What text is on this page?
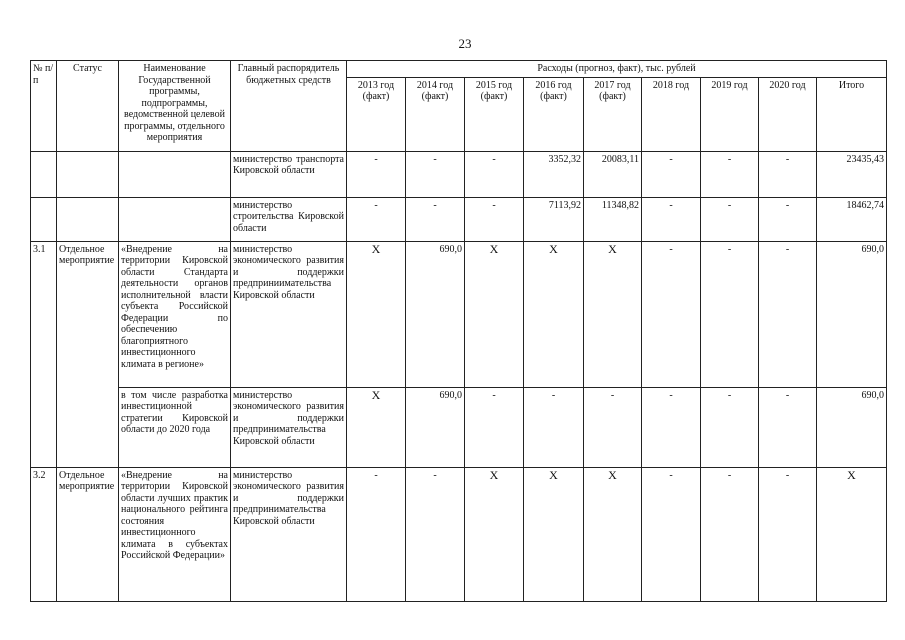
23
№ п/п	Статус	Наименование Государственной программы, подпрограммы, ведомственной целевой программы, отдельного мероприятия	Главный распорядитель бюджетных средств	Расходы (прогноз, факт), тыс. рублей								
				2013 год (факт)	2014 год (факт)	2015 год (факт)	2016 год (факт)	2017 год (факт)	2018 год	2019 год	2020 год	Итого
			министерство транспорта Кировской области	-	-	-	3352,32	20083,11	-	-	-	23435,43
			министерство строительства Кировской области	-	-	-	7113,92	11348,82	-	-	-	18462,74
3.1	Отдельное мероприятие	«Внедрение на территории Кировской области Стандарта деятельности органов исполнительной власти субъекта Российской Федерации по обеспечению благоприятного инвестиционного климата в регионе»	министерство экономического развития и поддержки предприниимательства Кировской области	X	690,0	X	X	X	-	-	-	690,0
		в том числе разработка инвестиционной стратегии Кировской области до 2020 года	министерство экономического развития и поддержки предпринимательства Кировской области	X	690,0	-	-	-	-	-	-	690,0
3.2	Отдельное мероприятие	«Внедрение на территории Кировской области лучших практик национального рейтинга состояния инвестиционного климата в субъектах Российской Федерации»	министерство экономического развития и поддержки предпринимательства Кировской области	-	-	X	X	X	-	-	-	X
